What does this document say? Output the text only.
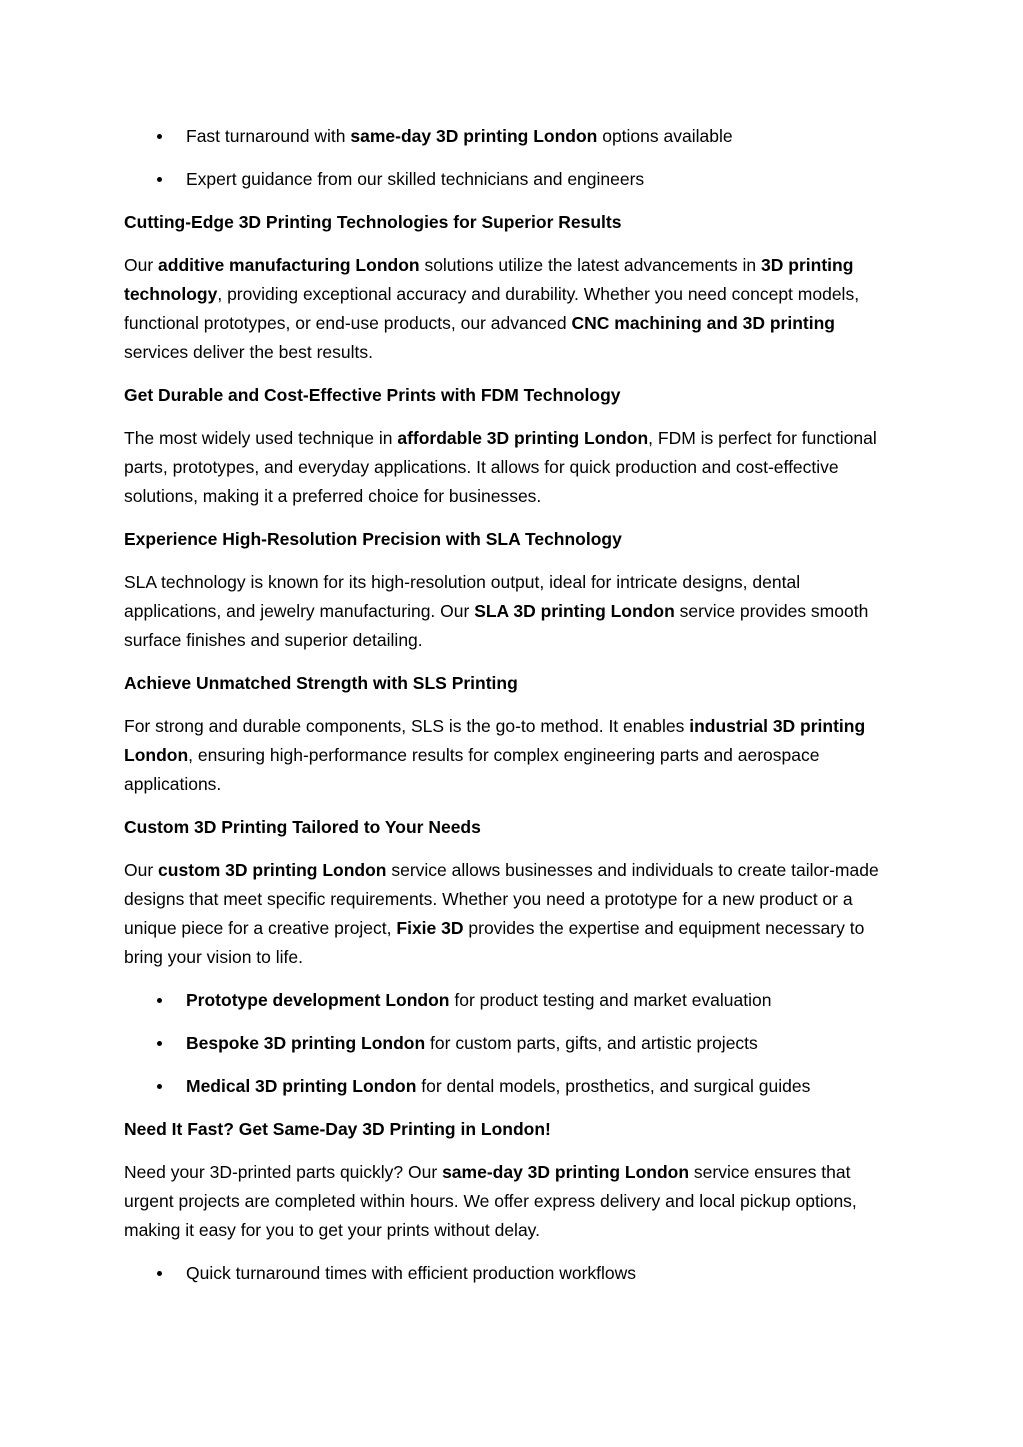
Fast turnaround with same-day 3D printing London options available
Expert guidance from our skilled technicians and engineers
Cutting-Edge 3D Printing Technologies for Superior Results

Our additive manufacturing London solutions utilize the latest advancements in 3D printing technology, providing exceptional accuracy and durability. Whether you need concept models, functional prototypes, or end-use products, our advanced CNC machining and 3D printing services deliver the best results.

Get Durable and Cost-Effective Prints with FDM Technology

The most widely used technique in affordable 3D printing London, FDM is perfect for functional parts, prototypes, and everyday applications. It allows for quick production and cost-effective solutions, making it a preferred choice for businesses.

Experience High-Resolution Precision with SLA Technology

SLA technology is known for its high-resolution output, ideal for intricate designs, dental applications, and jewelry manufacturing. Our SLA 3D printing London service provides smooth surface finishes and superior detailing.

Achieve Unmatched Strength with SLS Printing

For strong and durable components, SLS is the go-to method. It enables industrial 3D printing London, ensuring high-performance results for complex engineering parts and aerospace applications.

Custom 3D Printing Tailored to Your Needs

Our custom 3D printing London service allows businesses and individuals to create tailor-made designs that meet specific requirements. Whether you need a prototype for a new product or a unique piece for a creative project, Fixie 3D provides the expertise and equipment necessary to bring your vision to life.

Prototype development London for product testing and market evaluation
Bespoke 3D printing London for custom parts, gifts, and artistic projects
Medical 3D printing London for dental models, prosthetics, and surgical guides
Need It Fast? Get Same-Day 3D Printing in London!

Need your 3D-printed parts quickly? Our same-day 3D printing London service ensures that urgent projects are completed within hours. We offer express delivery and local pickup options, making it easy for you to get your prints without delay.

Quick turnaround times with efficient production workflows
